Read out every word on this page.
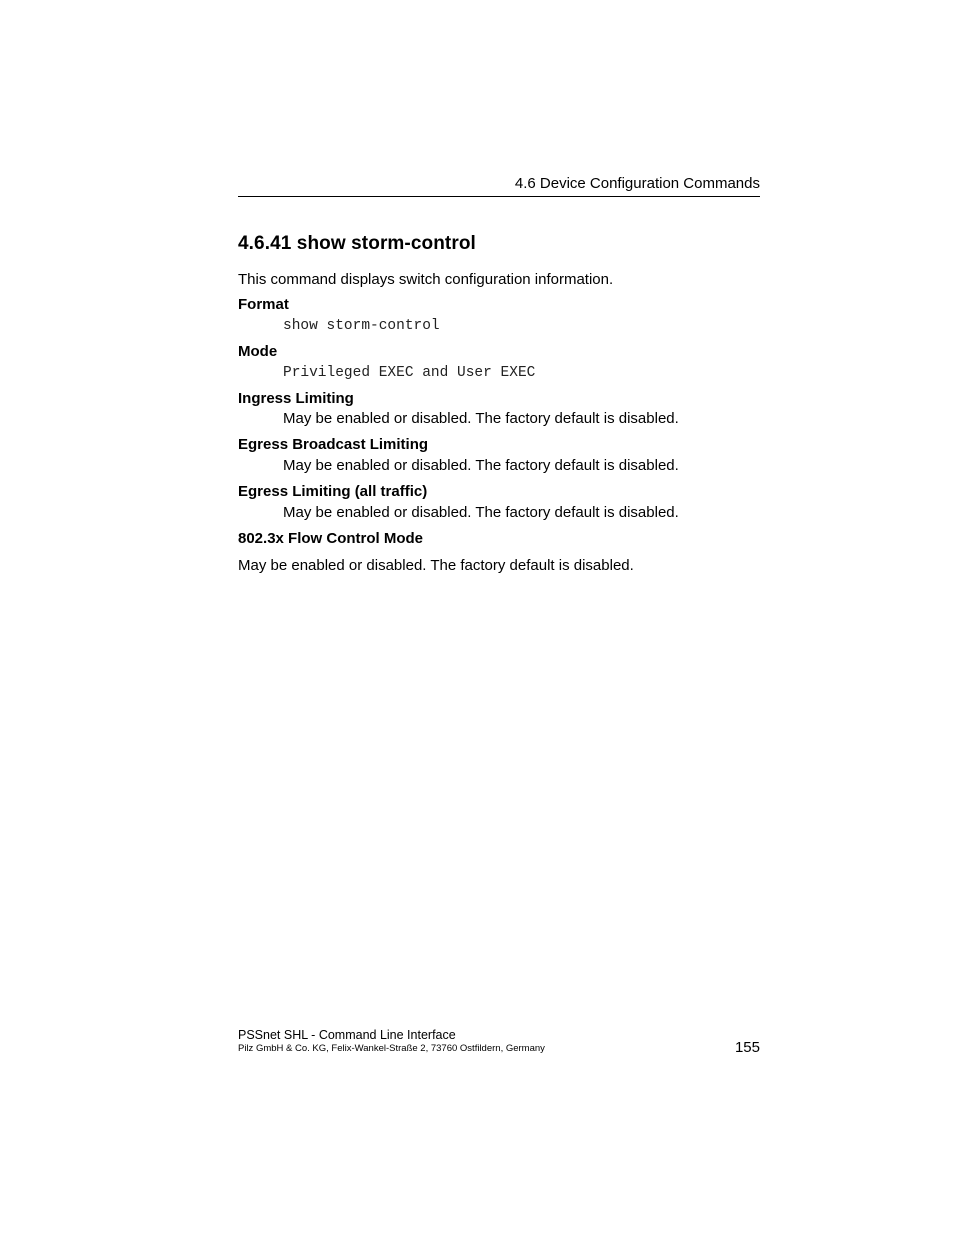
4.6 Device Configuration Commands
4.6.41 show storm-control

This command displays switch configuration information.

Format

show storm-control

Mode

Privileged EXEC and User EXEC

Ingress Limiting

May be enabled or disabled. The factory default is disabled.

Egress Broadcast Limiting

May be enabled or disabled. The factory default is disabled.

Egress Limiting (all traffic)

May be enabled or disabled. The factory default is disabled.

802.3x Flow Control Mode

May be enabled or disabled. The factory default is disabled.

PSSnet SHL - Command Line Interface
Pilz GmbH & Co. KG, Felix-Wankel-Straße 2, 73760 Ostfildern, Germany	155
